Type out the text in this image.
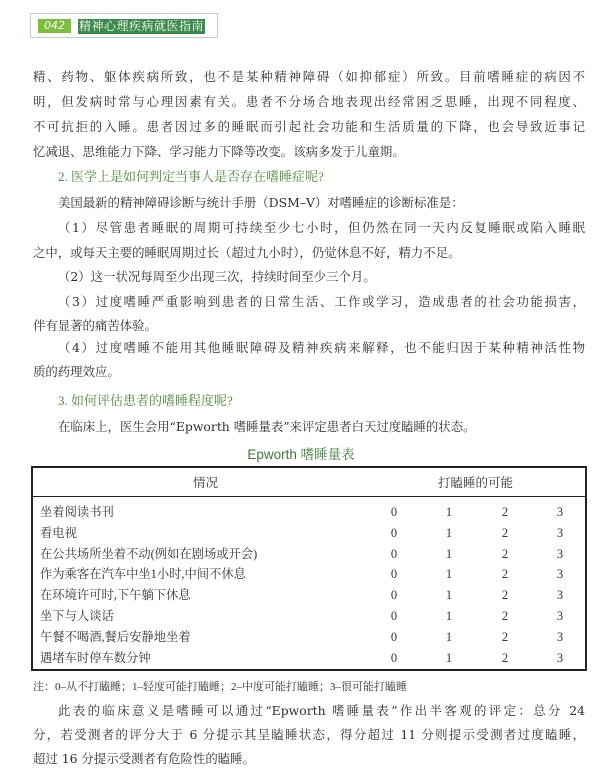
042	精神心理疾病就医指南
精、药物、躯体疾病所致，也不是某种精神障碍（如抑郁症）所致。目前嗜睡症的病因不
明，但发病时常与心理因素有关。患者不分场合地表现出经常困乏思睡，出现不同程度、
不可抗拒的入睡。患者因过多的睡眠而引起社会功能和生活质量的下降，也会导致近事记
忆减退、思维能力下降、学习能力下降等改变。该病多发于儿童期。
2. 医学上是如何判定当事人是否存在嗜睡症呢?
美国最新的精神障碍诊断与统计手册（DSM–V）对嗜睡症的诊断标准是：
（1）尽管患者睡眠的周期可持续至少七小时，但仍然在同一天内反复睡眠或陷入睡眠
之中，或每天主要的睡眠周期过长（超过九小时），仍觉休息不好，精力不足。
（2）这一状况每周至少出现三次，持续时间至少三个月。
（3）过度嗜睡严重影响到患者的日常生活、工作或学习，造成患者的社会功能损害，
伴有显著的痛苦体验。
（4）过度嗜睡不能用其他睡眠障碍及精神疾病来解释，也不能归因于某种精神活性物
质的药理效应。
3. 如何评估患者的嗜睡程度呢?
在临床上，医生会用“Epworth 嗜睡量表”来评定患者白天过度瞌睡的状态。
Epworth 嗜睡量表
情况	打瞌睡的可能
坐着阅读书刊	0	1	2	3
看电视	0	1	2	3
在公共场所坐着不动(例如在剧场或开会)	0	1	2	3
作为乘客在汽车中坐1小时,中间不休息	0	1	2	3
在环境许可时,下午躺下休息	0	1	2	3
坐下与人谈话	0	1	2	3
午餐不喝酒,餐后安静地坐着	0	1	2	3
遇堵车时停车数分钟	0	1	2	3
注：0–从不打瞌睡；1–轻度可能打瞌睡；2–中度可能打瞌睡；3–很可能打瞌睡
此表的临床意义是嗜睡可以通过“Epworth 嗜睡量表”作出半客观的评定：总分 24
分，若受测者的评分大于 6 分提示其呈瞌睡状态，得分超过 11 分则提示受测者过度瞌睡，
超过 16 分提示受测者有危险性的瞌睡。
